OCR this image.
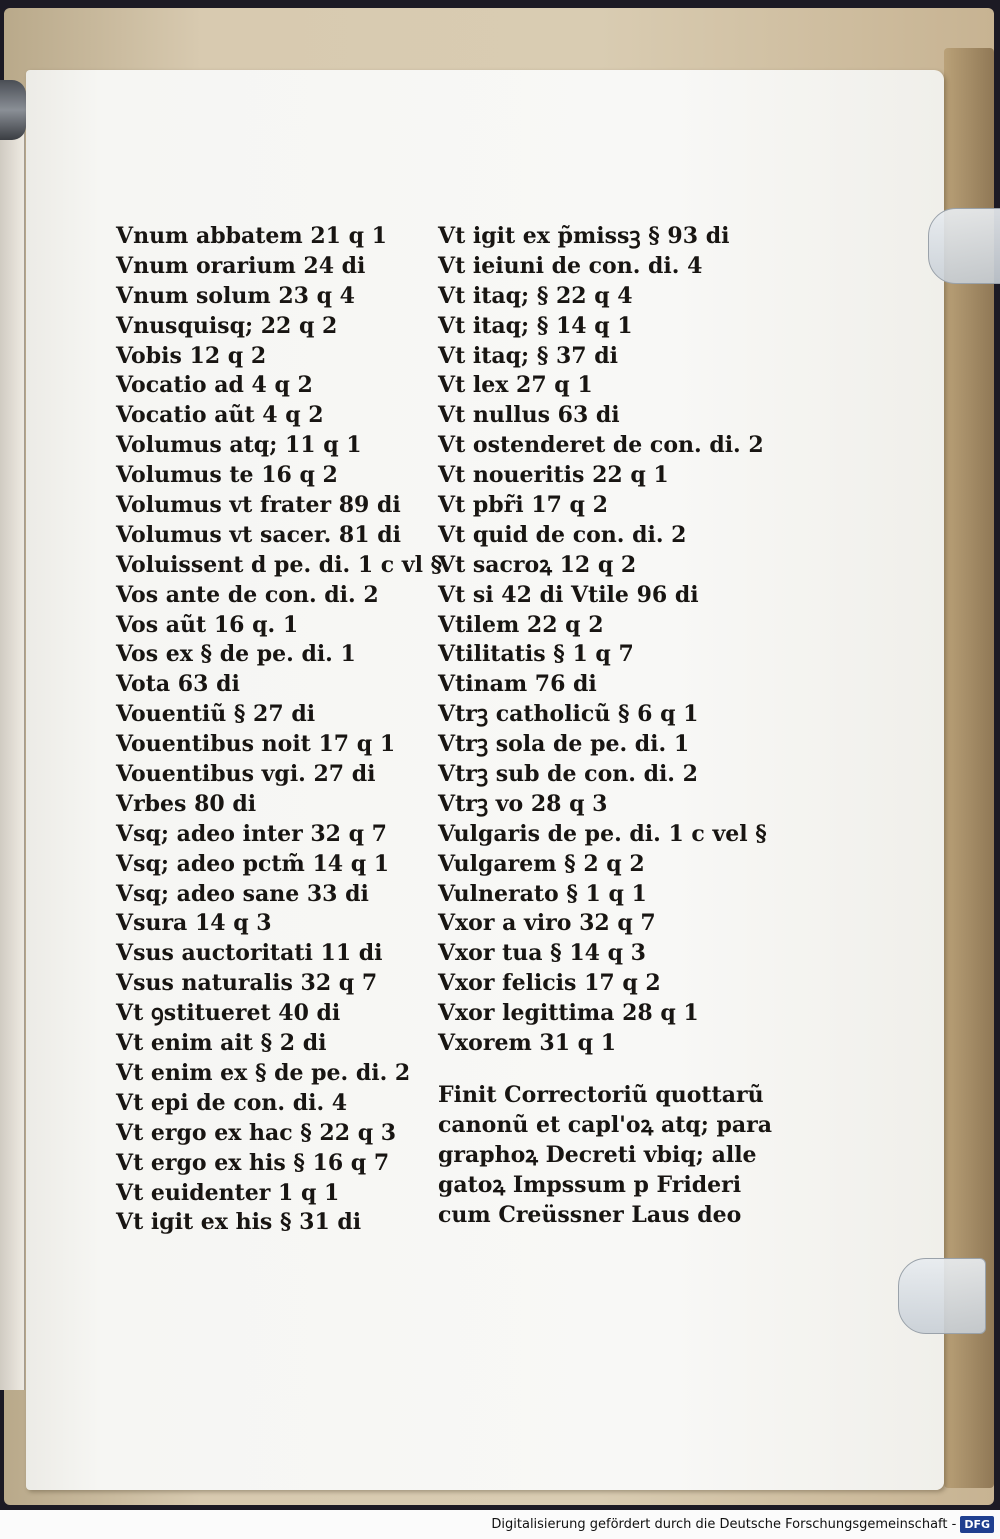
Vnum abbatem 21 q 1
Vnum orarium 24 di
Vnum solum 23 q 4
Vnusquisq; 22 q 2
Vobis 12 q 2
Vocatio ad 4 q 2
Vocatio aũt 4 q 2
Volumus atq; 11 q 1
Volumus te 16 q 2
Volumus vt frater 89 di
Volumus vt sacer. 81 di
Voluissent d pe. di. 1 c vl §
Vos ante de con. di. 2
Vos aũt 16 q. 1
Vos ex § de pe. di. 1
Vota 63 di
Vouentiũ § 27 di
Vouentibus noit 17 q 1
Vouentibus vgi. 27 di
Vrbes 80 di
Vsq; adeo inter 32 q 7
Vsq; adeo pctm̃ 14 q 1
Vsq; adeo sane 33 di
Vsura 14 q 3
Vsus auctoritati 11 di
Vsus naturalis 32 q 7
Vt ꝯstitueret 40 di
Vt enim ait § 2 di
Vt enim ex § de pe. di. 2
Vt epi de con. di. 4
Vt ergo ex hac § 22 q 3
Vt ergo ex his § 16 q 7
Vt euidenter 1 q 1
Vt igit ex his § 31 di
Vt igit ex p̃missꝫ § 93 di
Vt ieiuni de con. di. 4
Vt itaq; § 22 q 4
Vt itaq; § 14 q 1
Vt itaq; § 37 di
Vt lex 27 q 1
Vt nullus 63 di
Vt ostenderet de con. di. 2
Vt noueritis 22 q 1
Vt pbr̃i 17 q 2
Vt quid de con. di. 2
Vt sacroꝝ 12 q 2
Vt si 42 di Vtile 96 di
Vtilem 22 q 2
Vtilitatis § 1 q 7
Vtinam 76 di
Vtrꝫ catholicũ § 6 q 1
Vtrꝫ sola de pe. di. 1
Vtrꝫ sub de con. di. 2
Vtrꝫ vo 28 q 3
Vulgaris de pe. di. 1 c vel §
Vulgarem § 2 q 2
Vulnerato § 1 q 1
Vxor a viro 32 q 7
Vxor tua § 14 q 3
Vxor felicis 17 q 2
Vxor legittima 28 q 1
Vxorem 31 q 1
Finit Correctoriũ quottarũ
canonũ et capl'oꝝ atq; para
graphoꝝ Decreti vbiq; alle
gatoꝝ Impssum p Frideri
cum Creüssner Laus deo
Digitalisierung gefördert durch die Deutsche Forschungsgemeinschaft - DFG
